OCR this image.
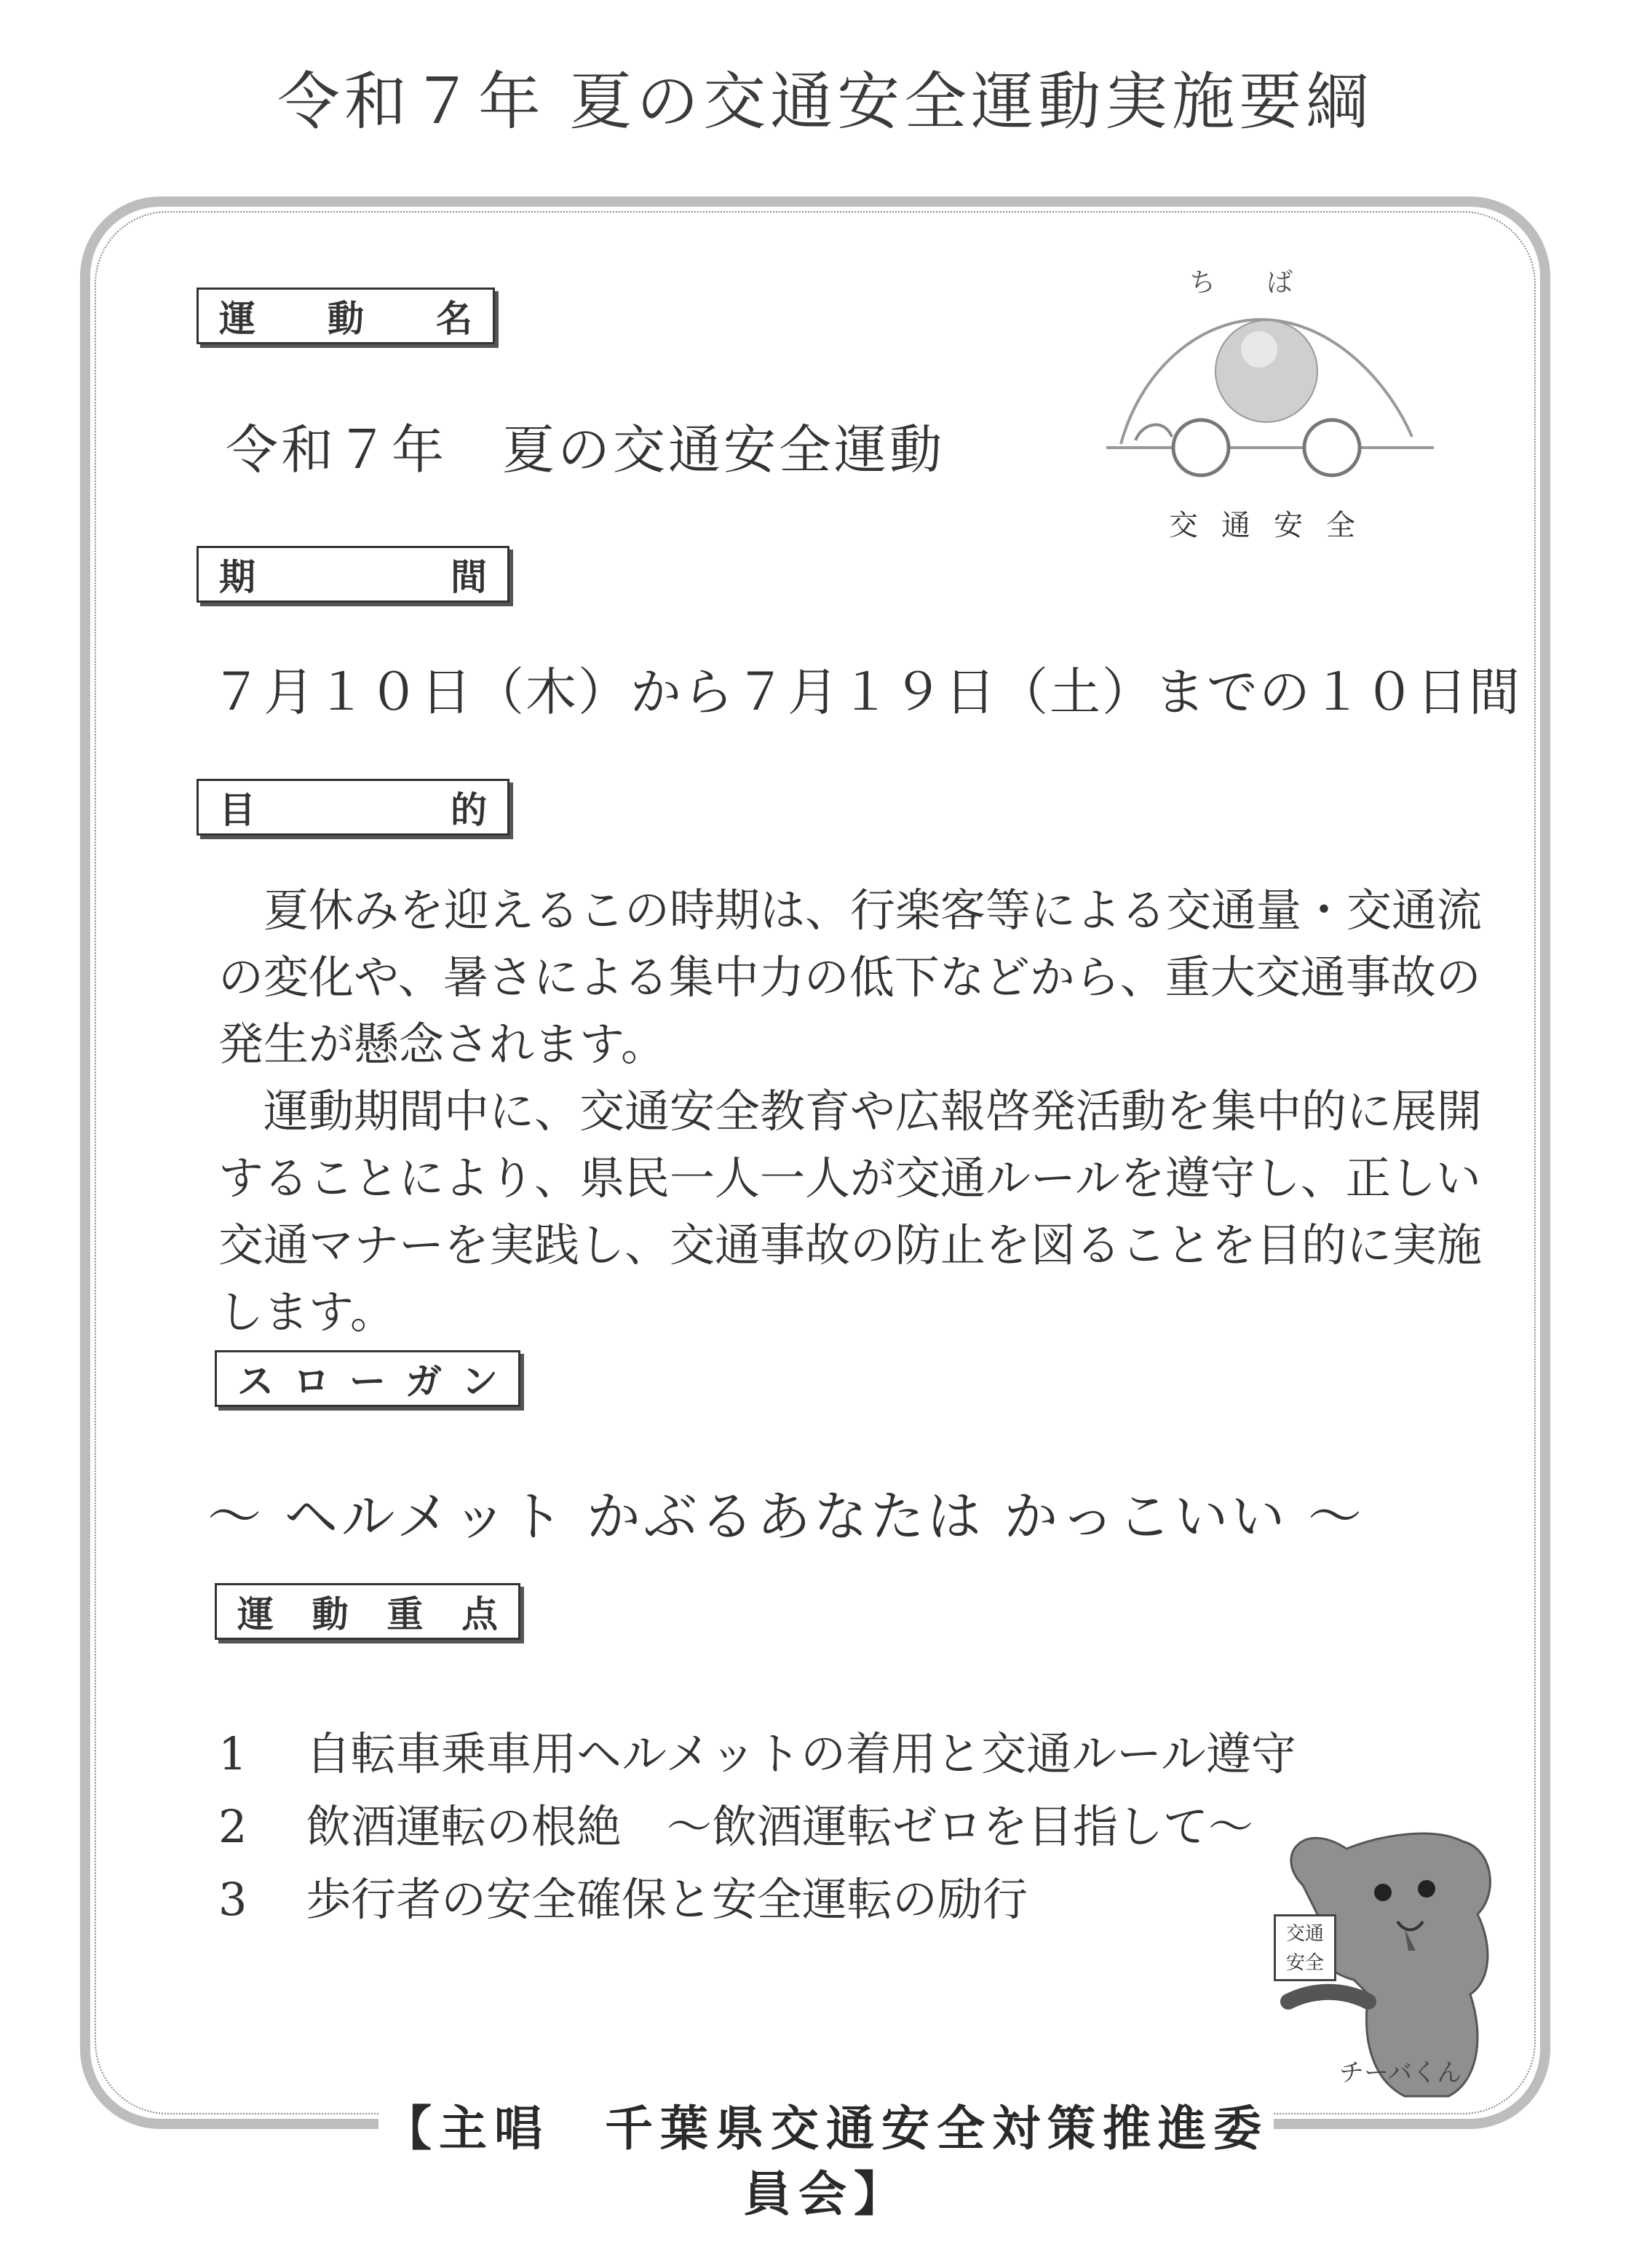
令和７年 夏の交通安全運動実施要綱
【主唱　千葉県交通安全対策推進委員会】
ちば
交通安全
運 動 名
令和７年　夏の交通安全運動
期	間
７月１０日（木）から７月１９日（土）までの１０日間
目	的

夏休みを迎えるこの時期は、行楽客等による交通量・交通流の変化や、暑さによる集中力の低下などから、重大交通事故の発生が懸念されます。

運動期間中に、交通安全教育や広報啓発活動を集中的に展開することにより、県民一人一人が交通ルールを遵守し、正しい交通マナーを実践し、交通事故の防止を図ることを目的に実施します。

ス ロ ー ガ ン
～ ヘルメット かぶるあなたは かっこいい ～
運 動 重 点
1	自転車乗車用ヘルメットの着用と交通ルール遵守
2	飲酒運転の根絶　～飲酒運転ゼロを目指して～
3	歩行者の安全確保と安全運転の励行
交通
安全
チーバくん
